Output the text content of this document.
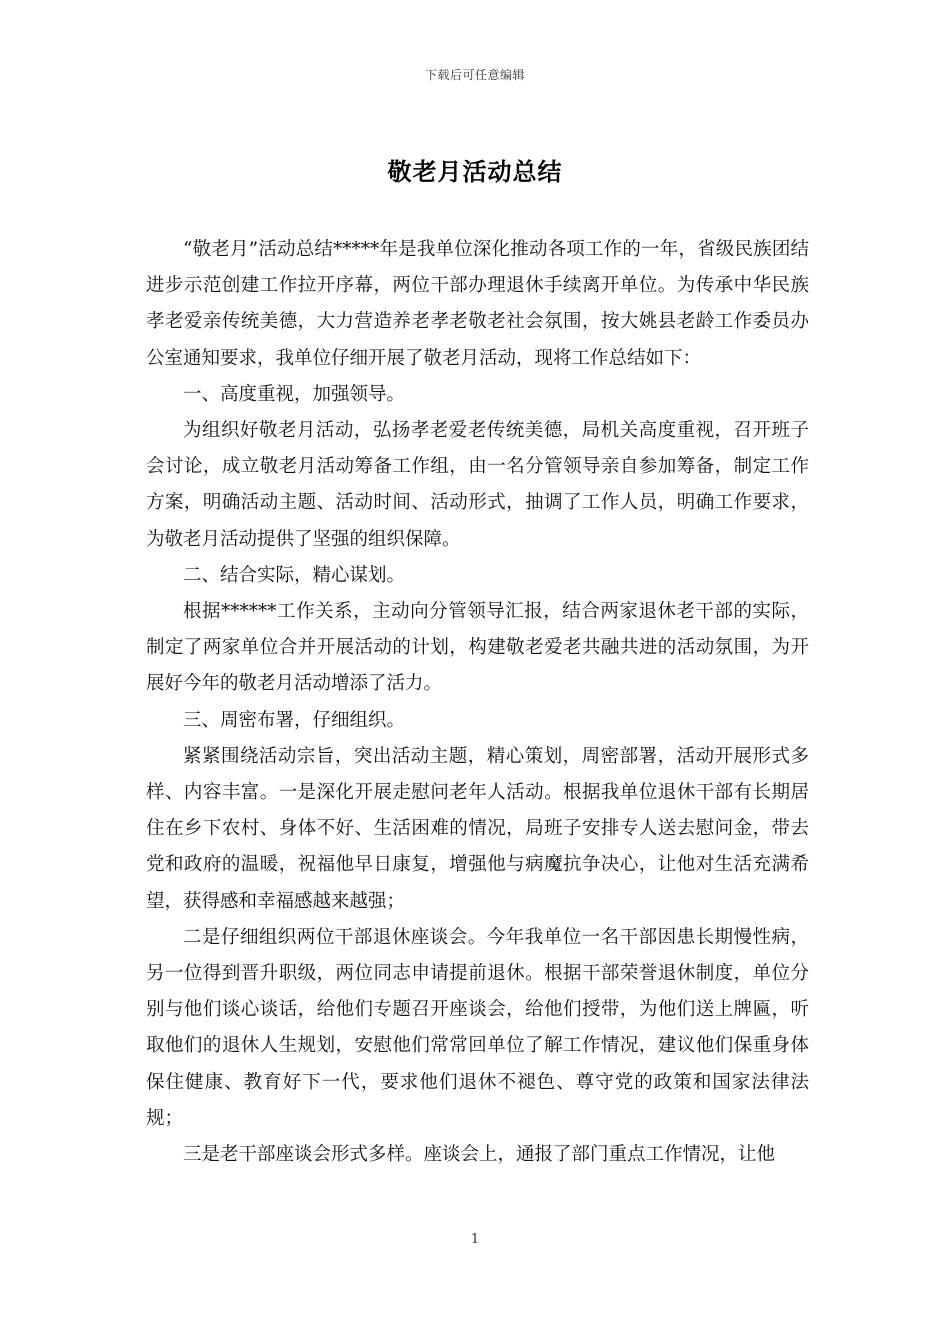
下载后可任意编辑
敬老月活动总结

“敬老月”活动总结*****年是我单位深化推动各项工作的一年，省级民族团结进步示范创建工作拉开序幕，两位干部办理退休手续离开单位。为传承中华民族孝老爱亲传统美德，大力营造养老孝老敬老社会氛围，按大姚县老龄工作委员办公室通知要求，我单位仔细开展了敬老月活动，现将工作总结如下：

一、高度重视，加强领导。

为组织好敬老月活动，弘扬孝老爱老传统美德，局机关高度重视，召开班子会讨论，成立敬老月活动筹备工作组，由一名分管领导亲自参加筹备，制定工作方案，明确活动主题、活动时间、活动形式，抽调了工作人员，明确工作要求，为敬老月活动提供了坚强的组织保障。

二、结合实际，精心谋划。

根据******工作关系，主动向分管领导汇报，结合两家退休老干部的实际，制定了两家单位合并开展活动的计划，构建敬老爱老共融共进的活动氛围，为开展好今年的敬老月活动增添了活力。

三、周密布署，仔细组织。

紧紧围绕活动宗旨，突出活动主题，精心策划，周密部署，活动开展形式多样、内容丰富。一是深化开展走慰问老年人活动。根据我单位退休干部有长期居住在乡下农村、身体不好、生活困难的情况，局班子安排专人送去慰问金，带去党和政府的温暖，祝福他早日康复，增强他与病魔抗争决心，让他对生活充满希望，获得感和幸福感越来越强；

二是仔细组织两位干部退休座谈会。今年我单位一名干部因患长期慢性病，另一位得到晋升职级，两位同志申请提前退休。根据干部荣誉退休制度，单位分别与他们谈心谈话，给他们专题召开座谈会，给他们授带，为他们送上牌匾，听取他们的退休人生规划，安慰他们常常回单位了解工作情况，建议他们保重身体保住健康、教育好下一代，要求他们退休不褪色、尊守党的政策和国家法律法规；

三是老干部座谈会形式多样。座谈会上，通报了部门重点工作情况，让他

1
